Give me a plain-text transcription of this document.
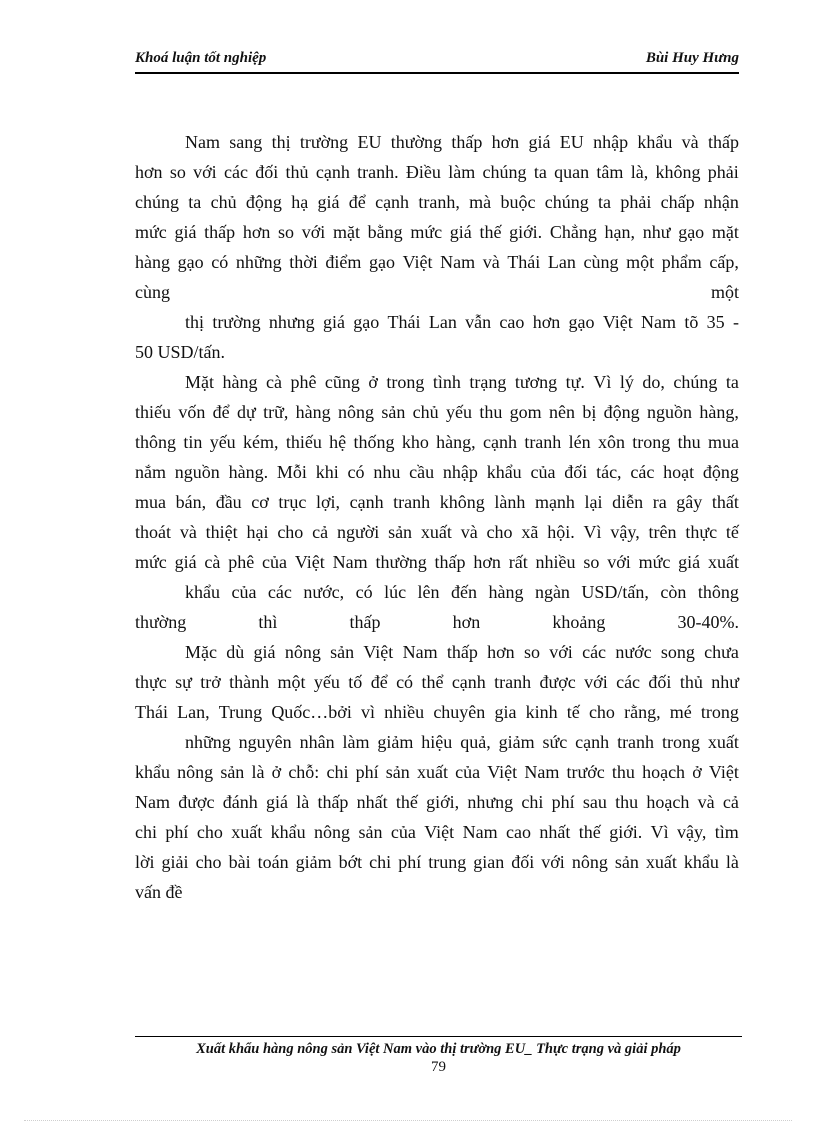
Khoá luận tốt nghiệp	Bùi Huy Hưng
Nam sang thị trường EU thường thấp hơn giá EU nhập khẩu và thấp
hơn so với các đối thủ cạnh tranh. Điều làm chúng ta quan tâm là, không phải
chúng ta chủ động hạ giá để cạnh tranh, mà buộc chúng ta phải chấp nhận
mức giá thấp hơn so với mặt bằng mức giá thế giới. Chẳng hạn, như gạo mặt
hàng gạo có những thời điểm gạo Việt Nam và Thái Lan cùng một phẩm cấp,
cùng	một
thị trường nhưng giá gạo Thái Lan vẫn cao hơn gạo Việt Nam tõ 35 -
50 USD/tấn.
Mặt hàng cà phê cũng ở trong tình trạng tương tự. Vì lý do, chúng ta
thiếu vốn để dự trữ, hàng nông sản chủ yếu thu gom nên bị động nguồn hàng,
thông tin yếu kém, thiếu hệ thống kho hàng, cạnh tranh lén xôn trong thu mua
nắm nguồn hàng. Mỗi khi có nhu cầu nhập khẩu của đối tác, các hoạt động
mua bán, đầu cơ trục lợi, cạnh tranh không lành mạnh lại diễn ra gây thất
thoát và thiệt hại cho cả người sản xuất và cho xã hội. Vì vậy, trên thực tế
mức giá cà phê của Việt Nam thường thấp hơn rất nhiều so với mức giá xuất
khẩu của các nước, có lúc lên đến hàng ngàn USD/tấn, còn thông
thường	thì	thấp	hơn	khoảng	30-40%.
Mặc dù giá nông sản Việt Nam thấp hơn so với các nước song chưa
thực sự trở thành một yếu tố để có thể cạnh tranh được với các đối thủ như
Thái Lan, Trung Quốc…bởi vì nhiều chuyên gia kinh tế cho rằng, mé trong
những nguyên nhân làm giảm hiệu quả, giảm sức cạnh tranh trong xuất
khẩu nông sản là ở chỗ: chi phí sản xuất của Việt Nam trước thu hoạch ở Việt
Nam được đánh giá là thấp nhất thế giới, nhưng chi phí sau thu hoạch và cả
chi phí cho xuất khẩu nông sản của Việt Nam cao nhất thế giới. Vì vậy, tìm
lời giải cho bài toán giảm bớt chi phí trung gian đối với nông sản xuất khẩu là
vấn đề
Xuất khẩu hàng nông sản Việt Nam vào thị trường EU_ Thực trạng và giải pháp
79
